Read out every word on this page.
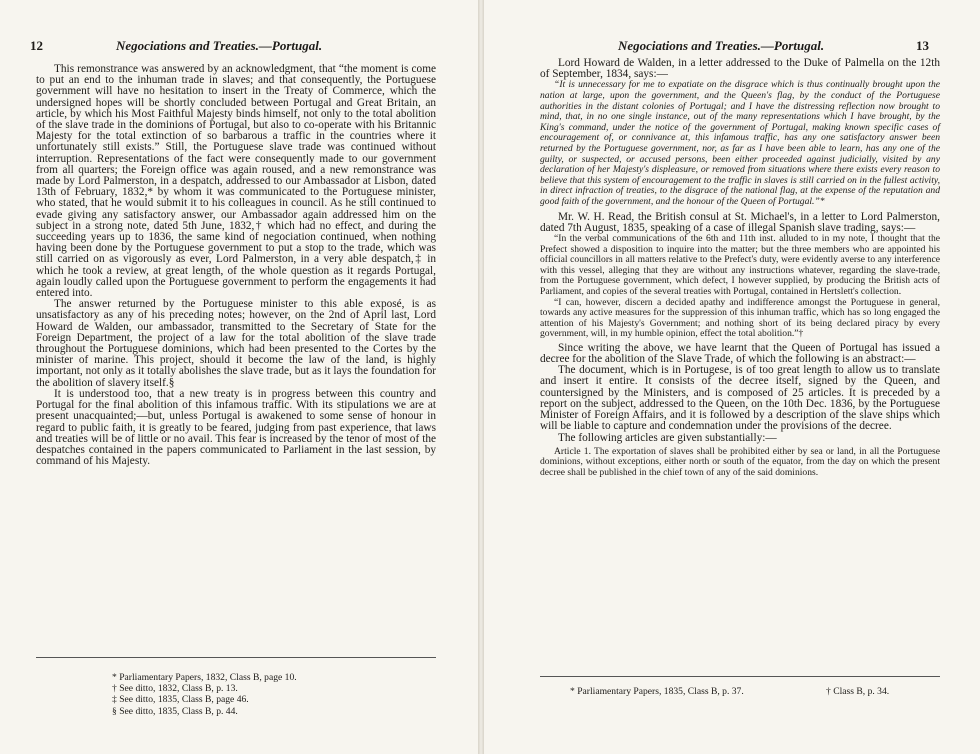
12	Negociations and Treaties.—Portugal.

This remonstrance was answered by an acknowledgment, that “the moment is come to put an end to the inhuman trade in slaves; and that consequently, the Portuguese government will have no hesitation to insert in the Treaty of Commerce, which the undersigned hopes will be shortly concluded between Portugal and Great Britain, an article, by which his Most Faithful Majesty binds himself, not only to the total abolition of the slave trade in the dominions of Portugal, but also to co-operate with his Britannic Majesty for the total extinction of so barbarous a traffic in the countries where it unfortunately still exists.” Still, the Portuguese slave trade was continued without interruption. Representations of the fact were consequently made to our government from all quarters; the Foreign office was again roused, and a new remonstrance was made by Lord Palmerston, in a despatch, addressed to our Ambassador at Lisbon, dated 13th of February, 1832,* by whom it was communicated to the Portuguese minister, who stated, that he would submit it to his colleagues in council. As he still continued to evade giving any satisfactory answer, our Ambassador again addressed him on the subject in a strong note, dated 5th June, 1832,† which had no effect, and during the succeeding years up to 1836, the same kind of negociation continued, when nothing having been done by the Portuguese government to put a stop to the trade, which was still carried on as vigorously as ever, Lord Palmerston, in a very able despatch,‡ in which he took a review, at great length, of the whole question as it regards Portugal, again loudly called upon the Portuguese government to perform the engagements it had entered into.

The answer returned by the Portuguese minister to this able exposé, is as unsatisfactory as any of his preceding notes; however, on the 2nd of April last, Lord Howard de Walden, our ambassador, transmitted to the Secretary of State for the Foreign Department, the project of a law for the total abolition of the slave trade throughout the Portuguese dominions, which had been presented to the Cortes by the minister of marine. This project, should it become the law of the land, is highly important, not only as it totally abolishes the slave trade, but as it lays the foundation for the abolition of slavery itself.§

It is understood too, that a new treaty is in progress between this country and Portugal for the final abolition of this infamous traffic. With its stipulations we are at present unacquainted;—but, unless Portugal is awakened to some sense of honour in regard to public faith, it is greatly to be feared, judging from past experience, that laws and treaties will be of little or no avail. This fear is increased by the tenor of most of the despatches contained in the papers communicated to Parliament in the last session, by command of his Majesty.

* Parliamentary Papers, 1832, Class B, page 10.
† See ditto, 1832, Class B, p. 13.
‡ See ditto, 1835, Class B, page 46.
§ See ditto, 1835, Class B, p. 44.
Negociations and Treaties.—Portugal.	13

Lord Howard de Walden, in a letter addressed to the Duke of Palmella on the 12th of September, 1834, says:—

“It is unnecessary for me to expatiate on the disgrace which is thus continually brought upon the nation at large, upon the government, and the Queen's flag, by the conduct of the Portuguese authorities in the distant colonies of Portugal; and I have the distressing reflection now brought to mind, that, in no one single instance, out of the many representations which I have brought, by the King's command, under the notice of the government of Portugal, making known specific cases of encouragement of, or connivance at, this infamous traffic, has any one satisfactory answer been returned by the Portuguese government, nor, as far as I have been able to learn, has any one of the guilty, or suspected, or accused persons, been either proceeded against judicially, visited by any declaration of her Majesty's displeasure, or removed from situations where there exists every reason to believe that this system of encouragement to the traffic in slaves is still carried on in the fullest activity, in direct infraction of treaties, to the disgrace of the national flag, at the expense of the reputation and good faith of the government, and the honour of the Queen of Portugal.”*

Mr. W. H. Read, the British consul at St. Michael's, in a letter to Lord Palmerston, dated 7th August, 1835, speaking of a case of illegal Spanish slave trading, says:—

“In the verbal communications of the 6th and 11th inst. alluded to in my note, I thought that the Prefect showed a disposition to inquire into the matter; but the three members who are appointed his official councillors in all matters relative to the Prefect's duty, were evidently averse to any interference with this vessel, alleging that they are without any instructions whatever, regarding the slave-trade, from the Portuguese government, which defect, I however supplied, by producing the British acts of Parliament, and copies of the several treaties with Portugal, contained in Hertslett's collection.

“I can, however, discern a decided apathy and indifference amongst the Portuguese in general, towards any active measures for the suppression of this inhuman traffic, which has so long engaged the attention of his Majesty's Government; and nothing short of its being declared piracy by every government, will, in my humble opinion, effect the total abolition.”†

Since writing the above, we have learnt that the Queen of Portugal has issued a decree for the abolition of the Slave Trade, of which the following is an abstract:—

The document, which is in Portugese, is of too great length to allow us to translate and insert it entire. It consists of the decree itself, signed by the Queen, and countersigned by the Ministers, and is composed of 25 articles. It is preceded by a report on the subject, addressed to the Queen, on the 10th Dec. 1836, by the Portuguese Minister of Foreign Affairs, and it is followed by a description of the slave ships which will be liable to capture and condemnation under the provisions of the decree.

The following articles are given substantially:—

Article 1. The exportation of slaves shall be prohibited either by sea or land, in all the Portuguese dominions, without exceptions, either north or south of the equator, from the day on which the present decree shall be published in the chief town of any of the said dominions.

* Parliamentary Papers, 1835, Class B, p. 37.	† Class B, p. 34.
